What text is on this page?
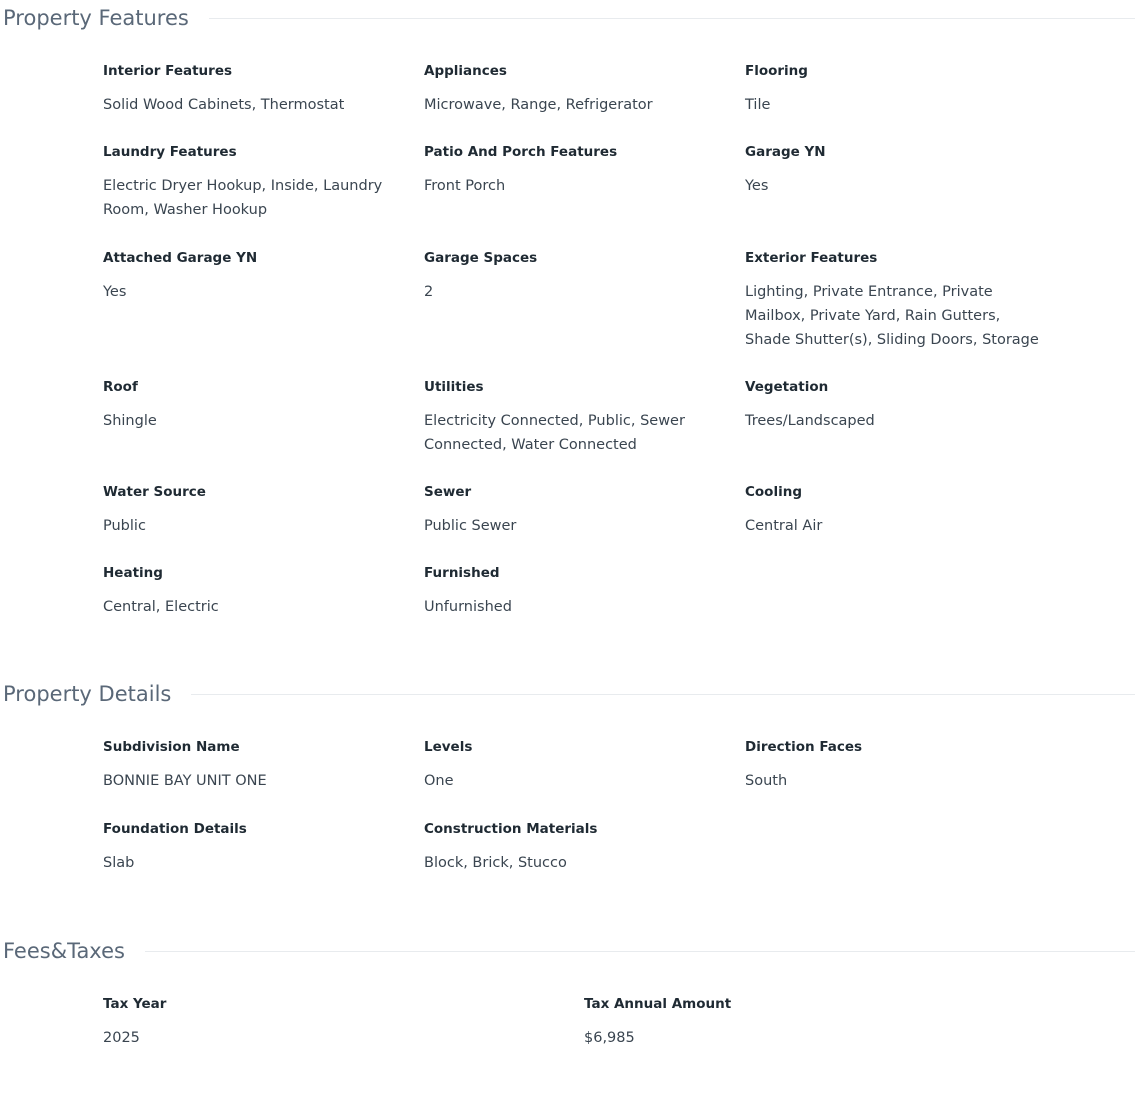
Property Features
Interior Features
Solid Wood Cabinets, Thermostat
Appliances
Microwave, Range, Refrigerator
Flooring
Tile
Laundry Features
Electric Dryer Hookup, Inside, Laundry Room, Washer Hookup
Patio And Porch Features
Front Porch
Garage YN
Yes
Attached Garage YN
Yes
Garage Spaces
2
Exterior Features
Lighting, Private Entrance, Private Mailbox, Private Yard, Rain Gutters, Shade Shutter(s), Sliding Doors, Storage
Roof
Shingle
Utilities
Electricity Connected, Public, Sewer Connected, Water Connected
Vegetation
Trees/Landscaped
Water Source
Public
Sewer
Public Sewer
Cooling
Central Air
Heating
Central, Electric
Furnished
Unfurnished
Property Details
Subdivision Name
BONNIE BAY UNIT ONE
Levels
One
Direction Faces
South
Foundation Details
Slab
Construction Materials
Block, Brick, Stucco
Fees&Taxes
Tax Year
2025
Tax Annual Amount
$6,985
